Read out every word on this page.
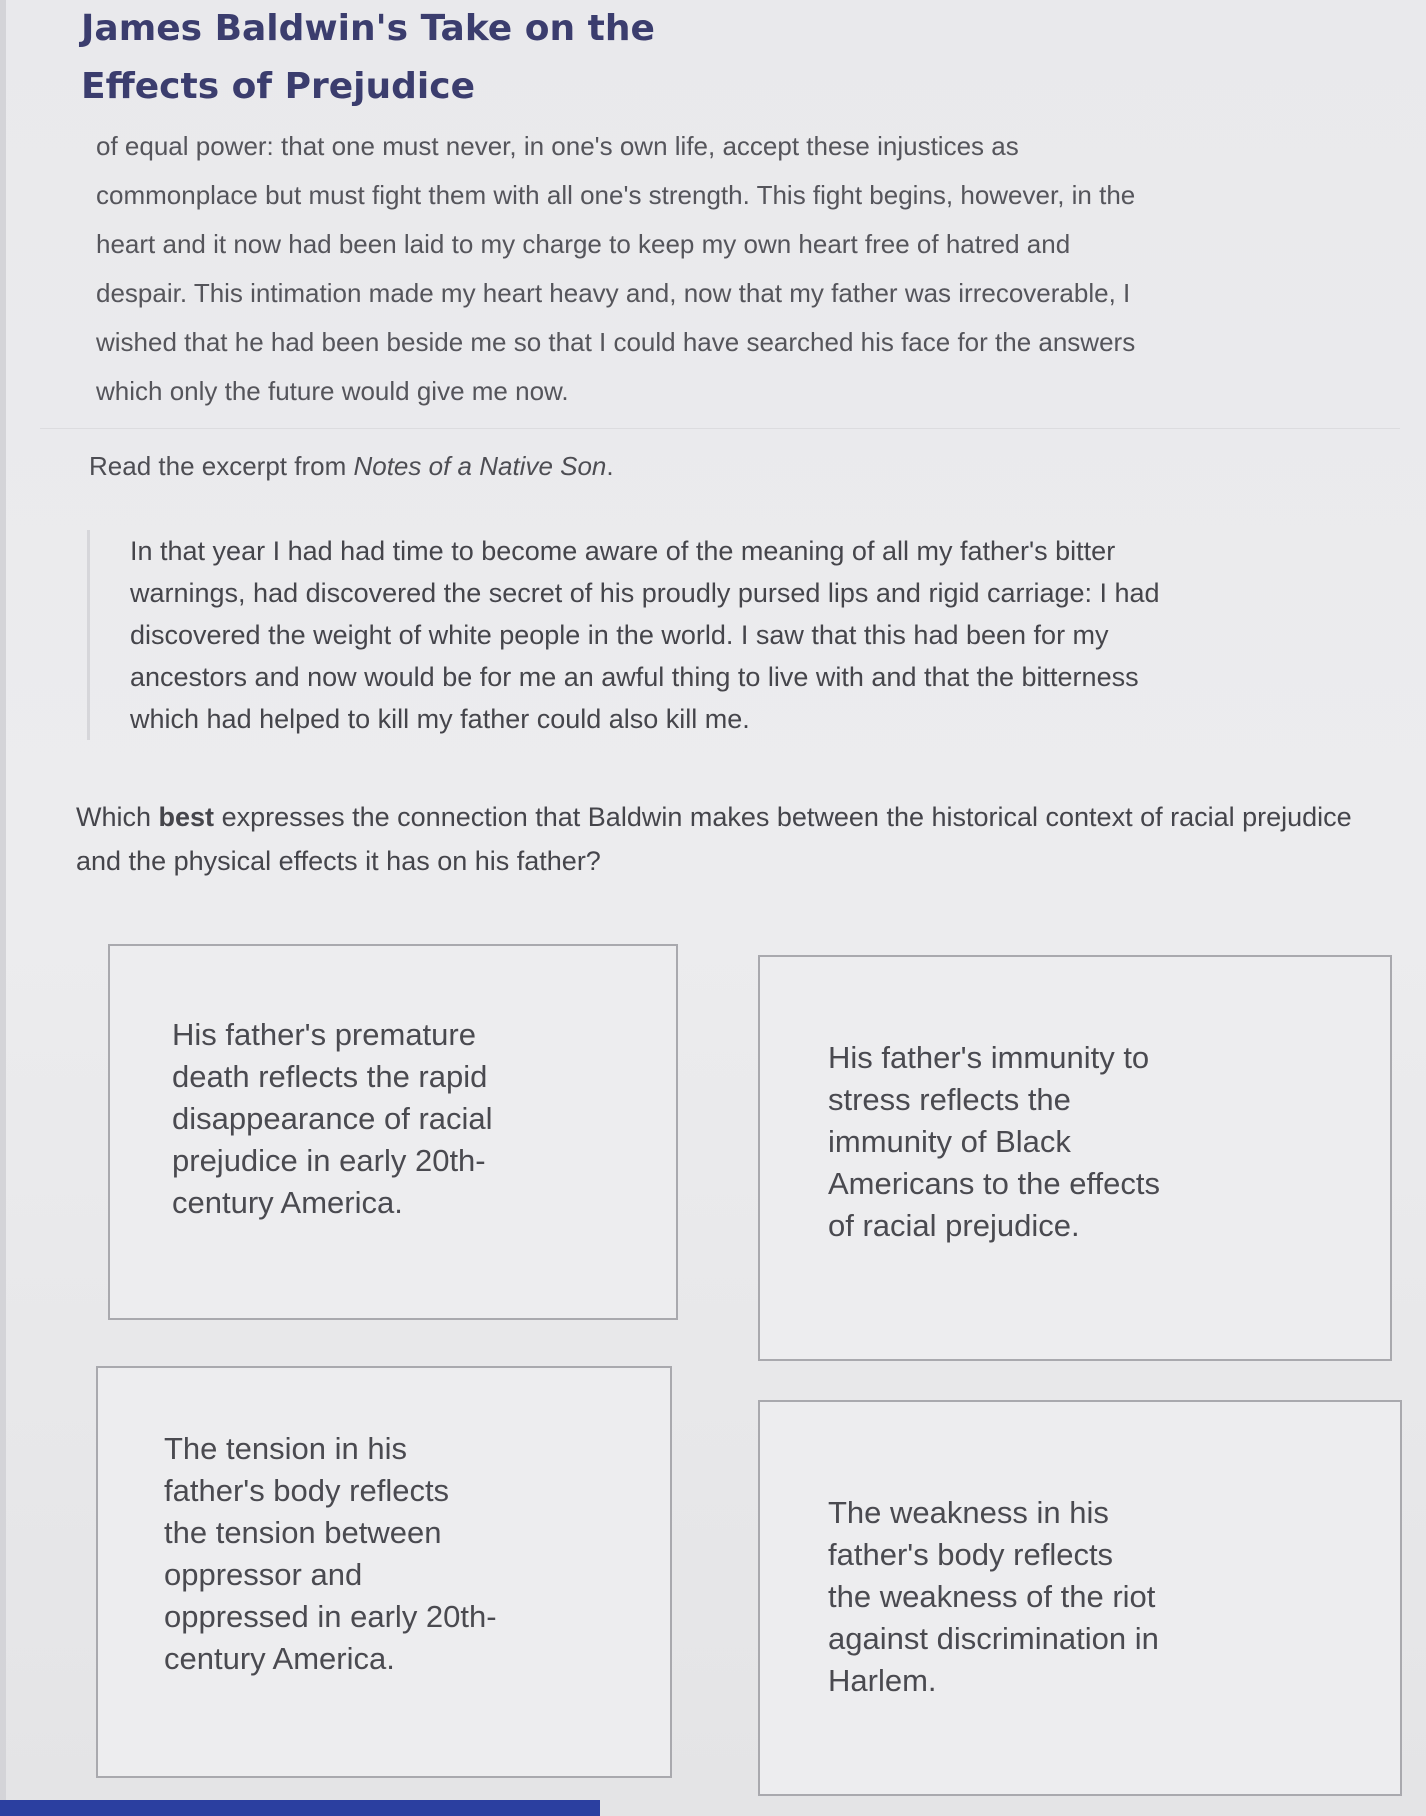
James Baldwin's Take on the
Effects of Prejudice

of equal power: that one must never, in one's own life, accept these injustices as

commonplace but must fight them with all one's strength. This fight begins, however, in the

heart and it now had been laid to my charge to keep my own heart free of hatred and

despair. This intimation made my heart heavy and, now that my father was irrecoverable, I

wished that he had been beside me so that I could have searched his face for the answers

which only the future would give me now.

Read the excerpt from Notes of a Native Son.
In that year I had had time to become aware of the meaning of all my father's bitter
warnings, had discovered the secret of his proudly pursed lips and rigid carriage: I had
discovered the weight of white people in the world. I saw that this had been for my
ancestors and now would be for me an awful thing to live with and that the bitterness
which had helped to kill my father could also kill me.
Which best expresses the connection that Baldwin makes between the historical context of racial prejudice and the physical effects it has on his father?
His father's premature
death reflects the rapid
disappearance of racial
prejudice in early 20th-
century America.
His father's immunity to
stress reflects the
immunity of Black
Americans to the effects
of racial prejudice.
The tension in his
father's body reflects
the tension between
oppressor and
oppressed in early 20th-
century America.
The weakness in his
father's body reflects
the weakness of the riot
against discrimination in
Harlem.
